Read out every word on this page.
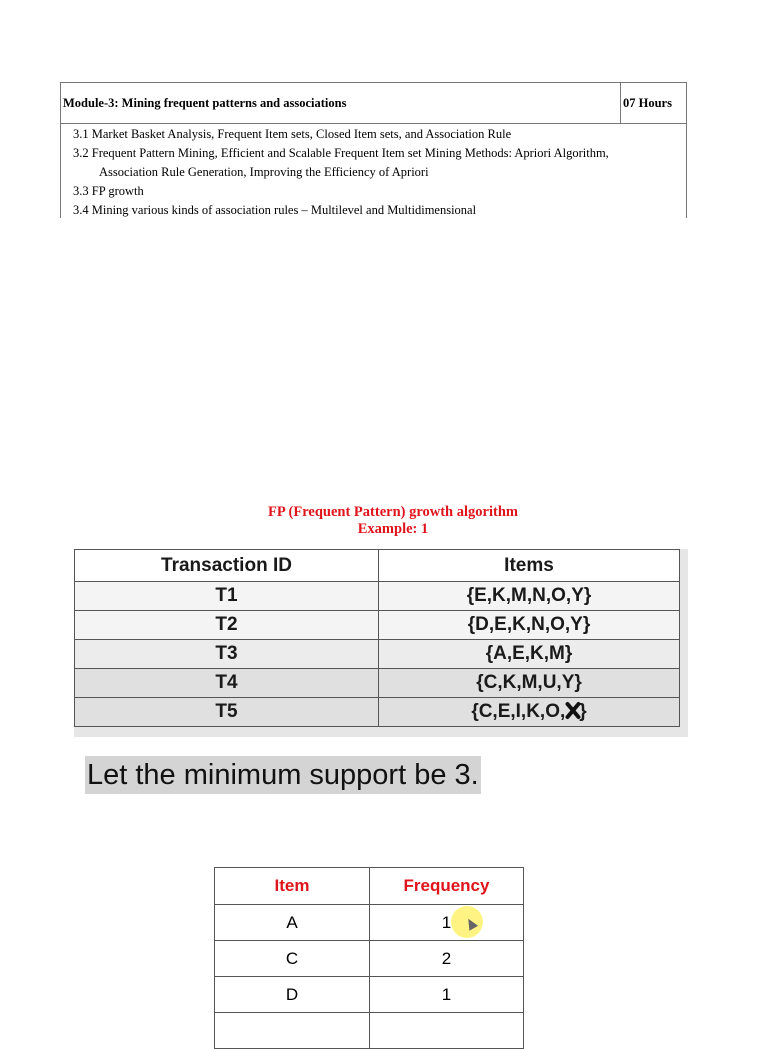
Module-3: Mining frequent patterns and associations	07 Hours
3.1 Market Basket Analysis, Frequent Item sets, Closed Item sets, and Association Rule
3.2 Frequent Pattern Mining, Efficient and Scalable Frequent Item set Mining Methods: Apriori Algorithm,
Association Rule Generation, Improving the Efficiency of Apriori
3.3 FP growth
3.4 Mining various kinds of association rules – Multilevel and Multidimensional
FP (Frequent Pattern) growth algorithm
Example: 1
Transaction ID	Items
T1	{E,K,M,N,O,Y}
T2	{D,E,K,N,O,Y}
T3	{A,E,K,M}
T4	{C,K,M,U,Y}
T5	{C,E,I,K,O, }
Let the minimum support be 3.
Item	Frequency
A	1
C	2
D	1
